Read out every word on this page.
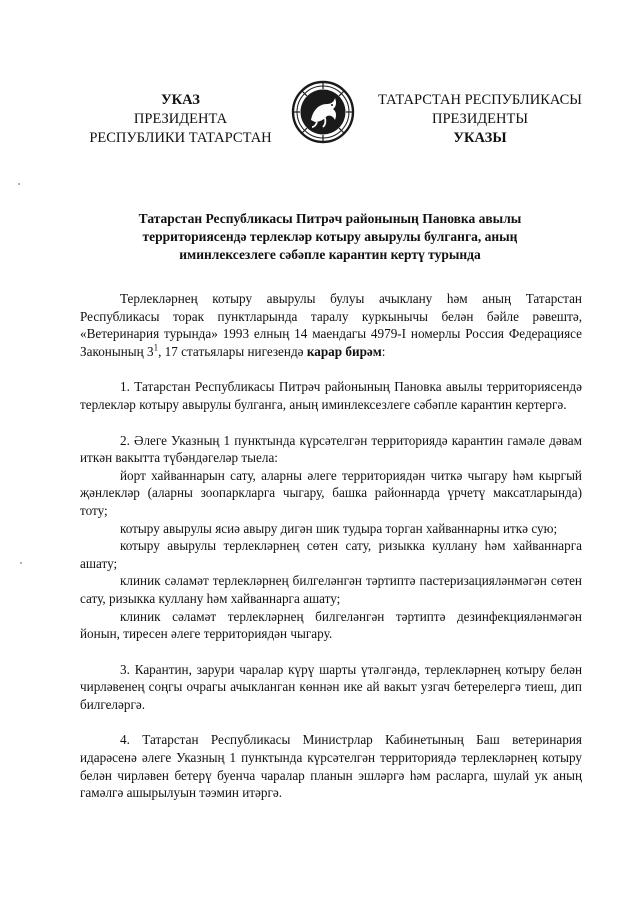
УКАЗ
ПРЕЗИДЕНТА
РЕСПУБЛИКИ ТАТАРСТАН
ТАТАРСТАН РЕСПУБЛИКАСЫ
ПРЕЗИДЕНТЫ
УКАЗЫ
Татарстан Республикасы Питрәч районының Пановка авылы
территориясендә терлекләр котыру авырулы булганга, аның
иминлексезлеге сәбәпле карантин кертү турында

Терлекләрнең котыру авырулы булуы ачыклану һәм аның Татарстан Республикасы торак пунктларында таралу куркынычы белән бәйле рәвештә, «Ветеринария турында» 1993 елның 14 маендагы 4979-I номерлы Россия Федерациясе Законының $3^1$, 17 статьялары нигезендә карар бирәм:

1. Татарстан Республикасы Питрәч районының Пановка авылы территориясендә терлекләр котыру авырулы булганга, аның иминлексезлеге сәбәпле карантин кертергә.

2. Әлеге Указның 1 пунктында күрсәтелгән территориядә карантин гамәле дәвам иткән вакытта түбәндәгеләр тыела:

йорт хайваннарын сату, аларны әлеге территориядән читкә чыгару һәм кыргый җәнлекләр (аларны зоопаркларга чыгару, башка районнарда үрчетү максатларында) тоту;

котыру авырулы ясиә авыру дигән шик тудыра торган хайваннарны иткә сую;

котыру авырулы терлекләрнең сөтен сату, ризыкка куллану һәм хайваннарга ашату;

клиник сәламәт терлекләрнең билгеләнгән тәртиптә пастеризацияләнмәгән сөтен сату, ризыкка куллану һәм хайваннарга ашату;

клиник сәламәт терлекләрнең билгеләнгән тәртиптә дезинфекцияләнмәгән йонын, тиресен әлеге территориядән чыгару.

3. Карантин, зарури чаралар күрү шарты үтәлгәндә, терлекләрнең котыру белән чирләвенең соңгы очрагы ачыкланган көннән ике ай вакыт узгач бетерелергә тиеш, дип билгеләргә.

4. Татарстан Республикасы Министрлар Кабинетының Баш ветеринария идарәсенә әлеге Указның 1 пунктында күрсәтелгән территориядә терлекләрнең котыру белән чирләвен бетерү буенча чаралар планын эшләргә һәм расларга, шулай ук аның гамәлгә ашырылуын тәэмин итәргә.
